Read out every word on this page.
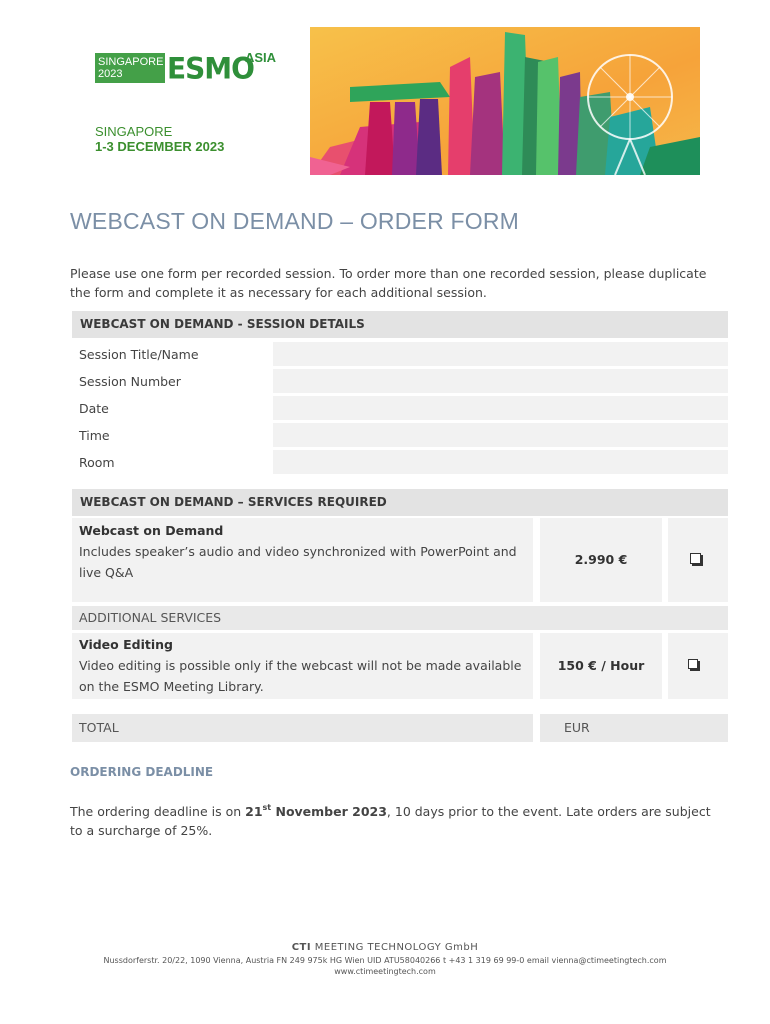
SINGAPORE
2023	ESMO
ASIA
SINGAPORE
1-3 DECEMBER 2023
WEBCAST ON DEMAND – ORDER FORM
Please use one form per recorded session. To order more than one recorded session, please duplicate the form and complete it as necessary for each additional session.
WEBCAST ON DEMAND - SESSION DETAILS
Session Title/Name
Session Number
Date
Time
Room
WEBCAST ON DEMAND – SERVICES REQUIRED
Webcast on Demand
Includes speaker’s audio and video synchronized with PowerPoint and live Q&A
2.990 €
ADDITIONAL SERVICES
Video Editing
Video editing is possible only if the webcast will not be made available on the ESMO Meeting Library.
150 € / Hour
TOTAL	EUR
ORDERING DEADLINE
The ordering deadline is on 21st November 2023, 10 days prior to the event. Late orders are subject to a surcharge of 25%.
CTI MEETING TECHNOLOGY GmbH
Nussdorferstr. 20/22, 1090 Vienna, Austria FN 249 975k HG Wien UID ATU58040266 t +43 1 319 69 99-0 email vienna@ctimeetingtech.com
www.ctimeetingtech.com
